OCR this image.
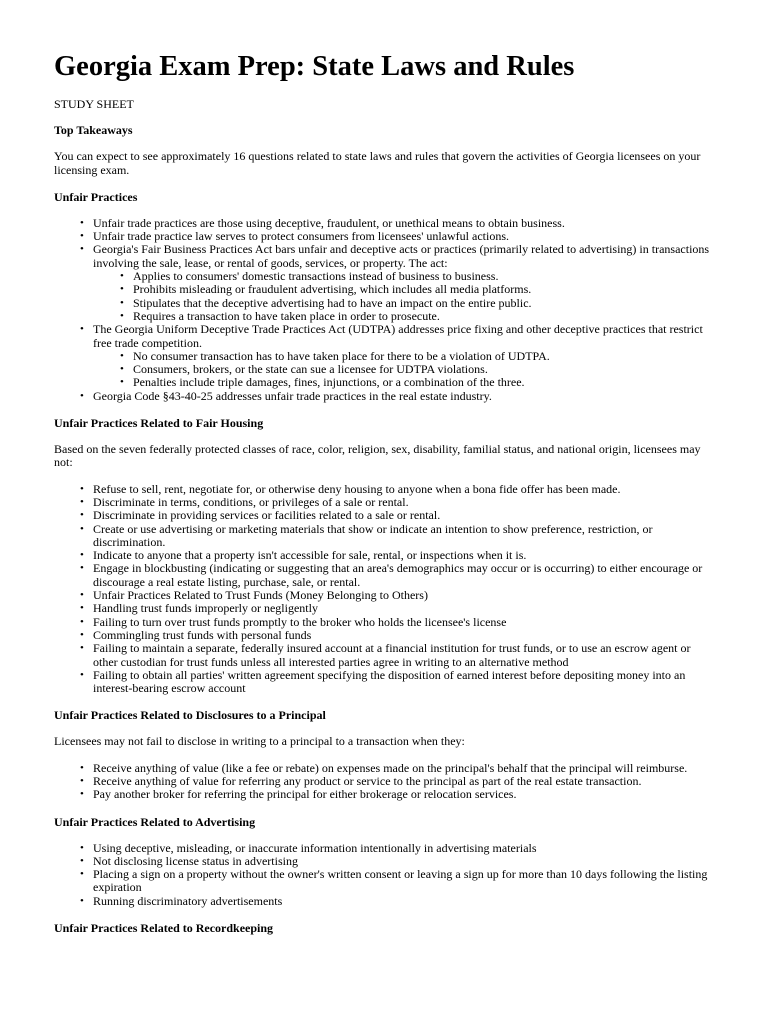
Georgia Exam Prep: State Laws and Rules
STUDY SHEET
Top Takeaways

You can expect to see approximately 16 questions related to state laws and rules that govern the activities of Georgia licensees on your licensing exam.

Unfair Practices
• Unfair trade practices are those using deceptive, fraudulent, or unethical means to obtain business.
• Unfair trade practice law serves to protect consumers from licensees' unlawful actions.
• Georgia's Fair Business Practices Act bars unfair and deceptive acts or practices (primarily related to advertising) in transactions involving the sale, lease, or rental of goods, services, or property. The act:
• Applies to consumers' domestic transactions instead of business to business.
• Prohibits misleading or fraudulent advertising, which includes all media platforms.
• Stipulates that the deceptive advertising had to have an impact on the entire public.
• Requires a transaction to have taken place in order to prosecute.
• The Georgia Uniform Deceptive Trade Practices Act (UDTPA) addresses price fixing and other deceptive practices that restrict free trade competition.
• No consumer transaction has to have taken place for there to be a violation of UDTPA.
• Consumers, brokers, or the state can sue a licensee for UDTPA violations.
• Penalties include triple damages, fines, injunctions, or a combination of the three.
• Georgia Code §43-40-25 addresses unfair trade practices in the real estate industry.
Unfair Practices Related to Fair Housing

Based on the seven federally protected classes of race, color, religion, sex, disability, familial status, and national origin, licensees may not:

• Refuse to sell, rent, negotiate for, or otherwise deny housing to anyone when a bona fide offer has been made.
• Discriminate in terms, conditions, or privileges of a sale or rental.
• Discriminate in providing services or facilities related to a sale or rental.
• Create or use advertising or marketing materials that show or indicate an intention to show preference, restriction, or discrimination.
• Indicate to anyone that a property isn't accessible for sale, rental, or inspections when it is.
• Engage in blockbusting (indicating or suggesting that an area's demographics may occur or is occurring) to either encourage or discourage a real estate listing, purchase, sale, or rental.
• Unfair Practices Related to Trust Funds (Money Belonging to Others)
• Handling trust funds improperly or negligently
• Failing to turn over trust funds promptly to the broker who holds the licensee's license
• Commingling trust funds with personal funds
• Failing to maintain a separate, federally insured account at a financial institution for trust funds, or to use an escrow agent or other custodian for trust funds unless all interested parties agree in writing to an alternative method
• Failing to obtain all parties' written agreement specifying the disposition of earned interest before depositing money into an interest-bearing escrow account
Unfair Practices Related to Disclosures to a Principal

Licensees may not fail to disclose in writing to a principal to a transaction when they:

• Receive anything of value (like a fee or rebate) on expenses made on the principal's behalf that the principal will reimburse.
• Receive anything of value for referring any product or service to the principal as part of the real estate transaction.
• Pay another broker for referring the principal for either brokerage or relocation services.
Unfair Practices Related to Advertising
• Using deceptive, misleading, or inaccurate information intentionally in advertising materials
• Not disclosing license status in advertising
• Placing a sign on a property without the owner's written consent or leaving a sign up for more than 10 days following the listing expiration
• Running discriminatory advertisements
Unfair Practices Related to Recordkeeping
